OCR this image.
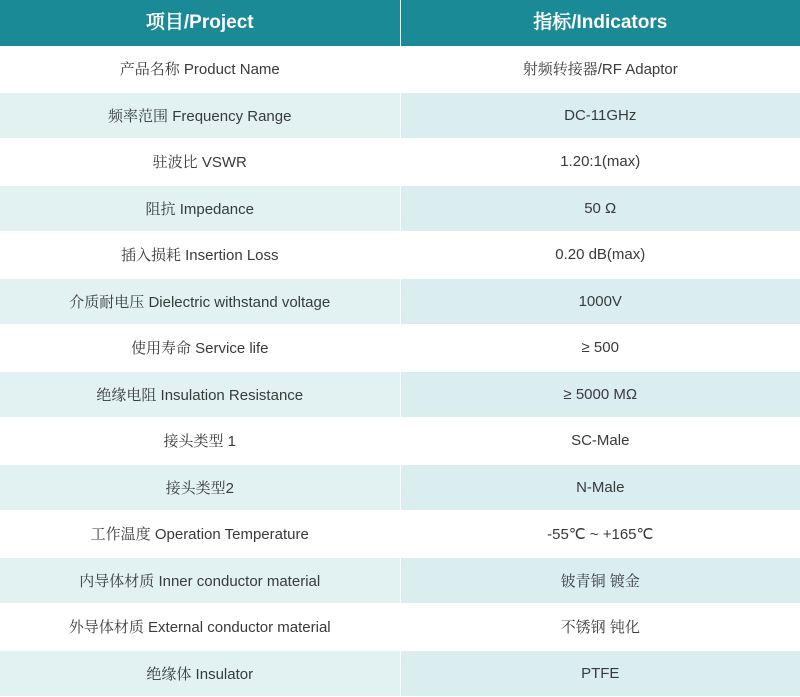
项目/Project	指标/Indicators
产品名称 Product Name	射频转接器/RF Adaptor
频率范围 Frequency Range	DC-11GHz
驻波比 VSWR	1.20:1(max)
阻抗 Impedance	50 Ω
插入损耗 Insertion Loss	0.20 dB(max)
介质耐电压 Dielectric withstand voltage	1000V
使用寿命 Service life	≥ 500
绝缘电阻 Insulation Resistance	≥ 5000 MΩ
接头类型 1	SC-Male
接头类型2	N-Male
工作温度 Operation Temperature	-55℃ ~ +165℃
内导体材质 Inner conductor material	铍青铜 镀金
外导体材质 External conductor material	不锈钢 钝化
绝缘体 Insulator	PTFE
